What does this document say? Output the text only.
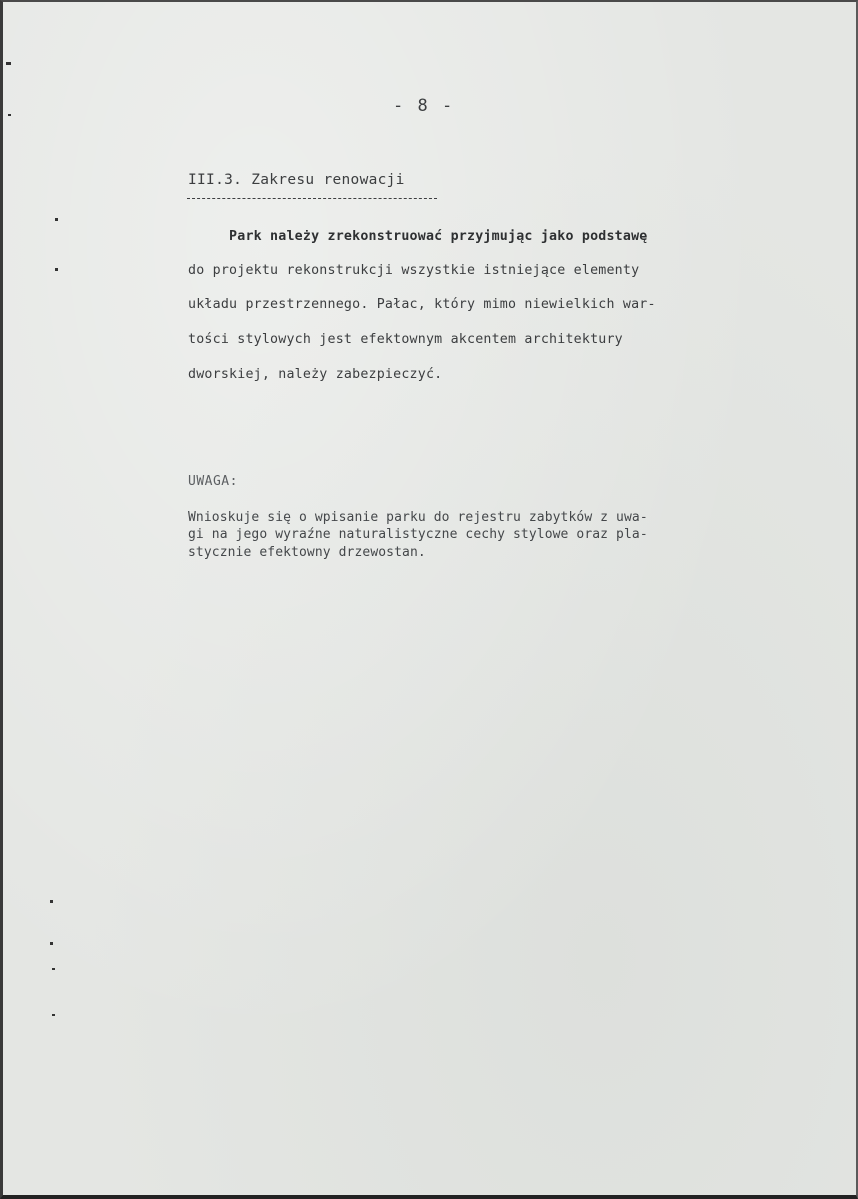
- 8 -
III.3. Zakresu renowacji
Park należy zrekonstruować przyjmując jako podstawę
do projektu rekonstrukcji wszystkie istniejące elementy
układu przestrzennego. Pałac, który mimo niewielkich war-
tości stylowych jest efektownym akcentem architektury
dworskiej, należy zabezpieczyć.
UWAGA:
Wnioskuje się o wpisanie parku do rejestru zabytków z uwa-
gi na jego wyraźne naturalistyczne cechy stylowe oraz pla-
stycznie efektowny drzewostan.
